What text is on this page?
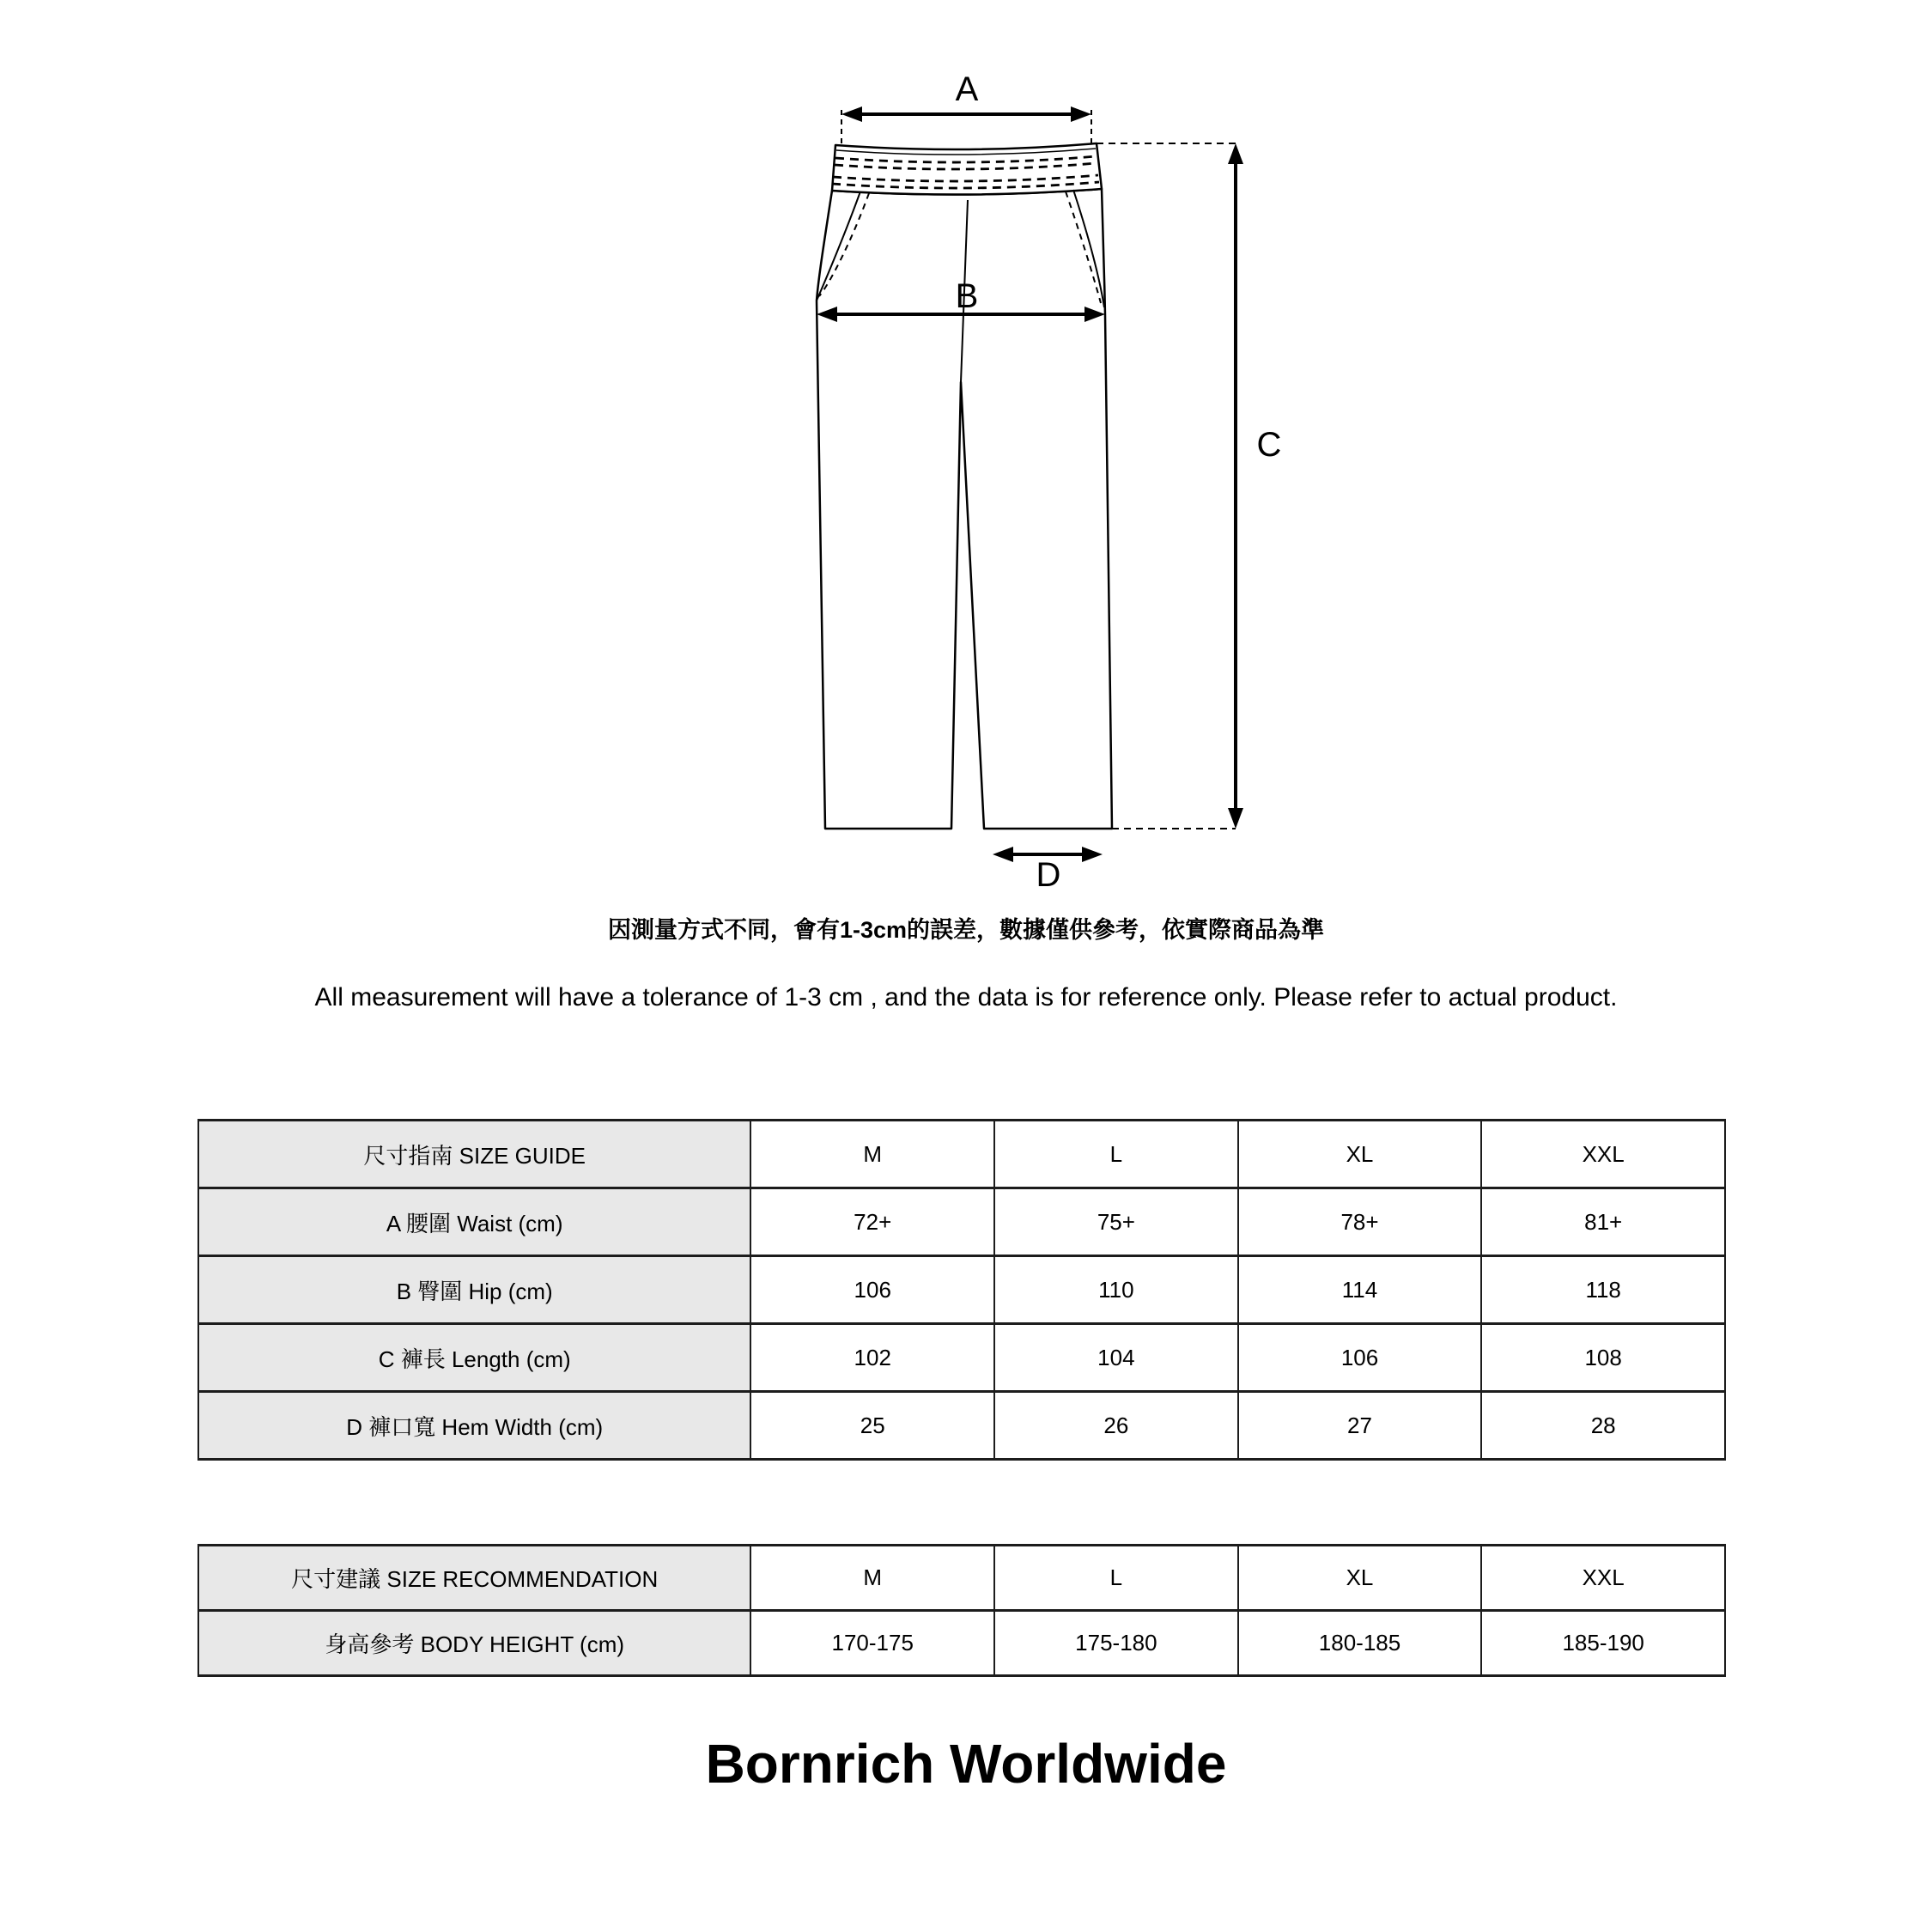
A
B
C
D
因測量方式不同，會有1-3cm的誤差，數據僅供參考，依實際商品為準
All measurement will have a tolerance of 1-3 cm , and the data is for reference only. Please refer to actual product.
尺寸指南 SIZE GUIDE	M	L	XL	XXL
A 腰圍 Waist (cm)	72+	75+	78+	81+
B 臀圍 Hip (cm)	106	110	114	118
C 褲長 Length (cm)	102	104	106	108
D 褲口寬 Hem Width (cm)	25	26	27	28
尺寸建議 SIZE RECOMMENDATION	M	L	XL	XXL
身高參考 BODY HEIGHT (cm)	170-175	175-180	180-185	185-190
Bornrich Worldwide
